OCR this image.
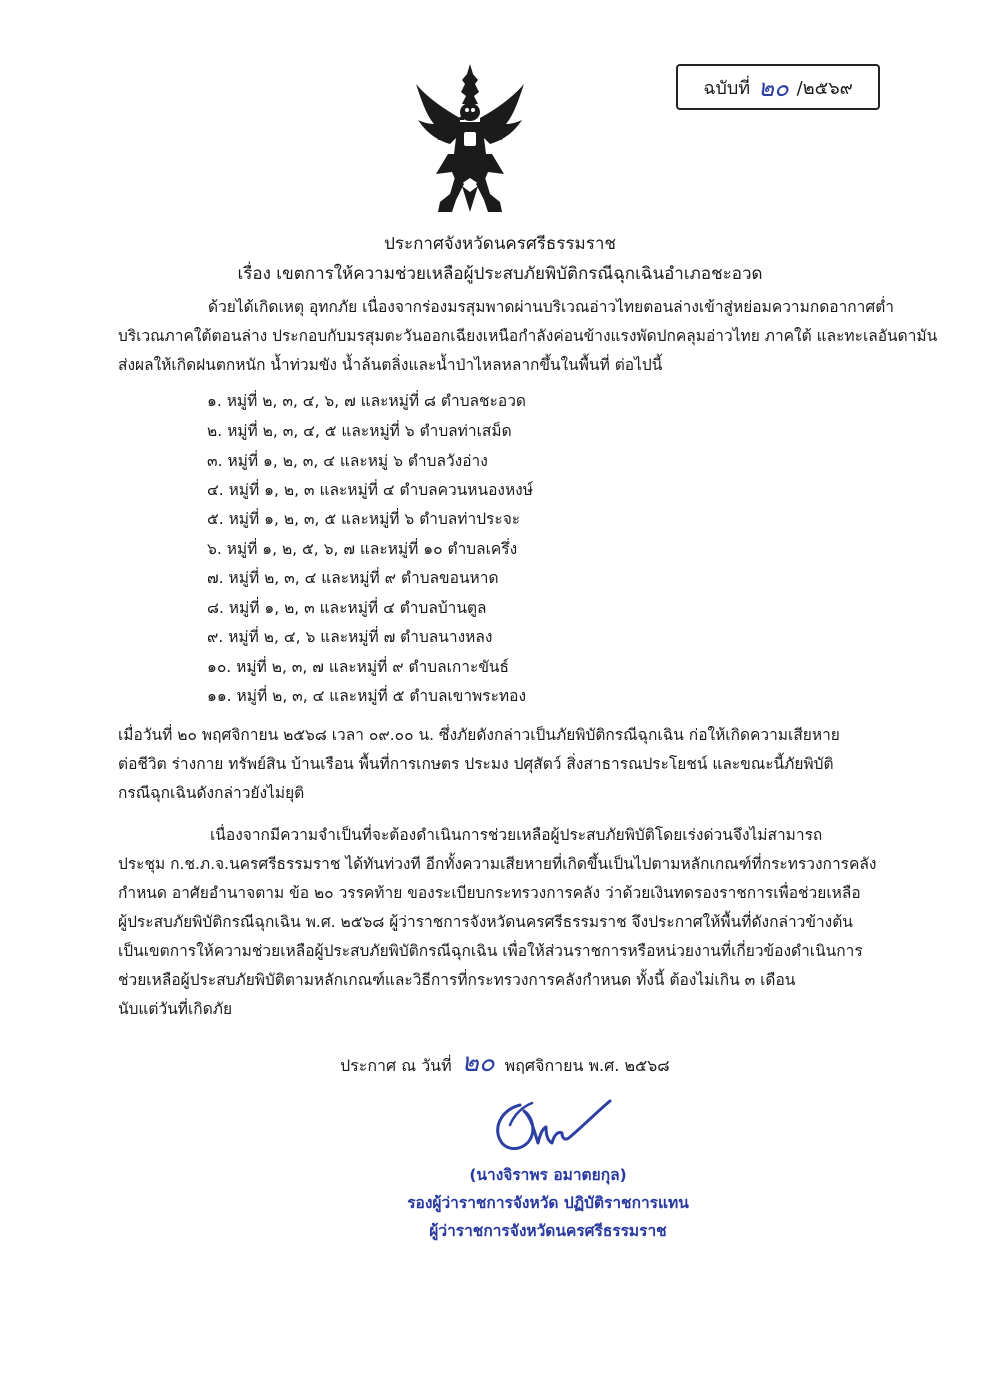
ฉบับที่ ๒๐ /๒๕๖๙
ประกาศจังหวัดนครศรีธรรมราช
เรื่อง เขตการให้ความช่วยเหลือผู้ประสบภัยพิบัติกรณีฉุกเฉินอำเภอชะอวด
ด้วยได้เกิดเหตุ อุทกภัย เนื่องจากร่องมรสุมพาดผ่านบริเวณอ่าวไทยตอนล่างเข้าสู่หย่อมความกดอากาศต่ำ
บริเวณภาคใต้ตอนล่าง ประกอบกับมรสุมตะวันออกเฉียงเหนือกำลังค่อนข้างแรงพัดปกคลุมอ่าวไทย ภาคใต้ และทะเลอันดามัน
ส่งผลให้เกิดฝนตกหนัก น้ำท่วมขัง น้ำล้นตลิ่งและน้ำป่าไหลหลากขึ้นในพื้นที่ ต่อไปนี้
๑. หมู่ที่ ๒, ๓, ๔, ๖, ๗ และหมู่ที่ ๘ ตำบลชะอวด
๒. หมู่ที่ ๒, ๓, ๔, ๕ และหมู่ที่ ๖ ตำบลท่าเสม็ด
๓. หมู่ที่ ๑, ๒, ๓, ๔ และหมู่ ๖ ตำบลวังอ่าง
๔. หมู่ที่ ๑, ๒, ๓ และหมู่ที่ ๔ ตำบลควนหนองหงษ์
๕. หมู่ที่ ๑, ๒, ๓, ๕ และหมู่ที่ ๖ ตำบลท่าประจะ
๖. หมู่ที่ ๑, ๒, ๕, ๖, ๗ และหมู่ที่ ๑๐ ตำบลเครึ่ง
๗. หมู่ที่ ๒, ๓, ๔ และหมู่ที่ ๙ ตำบลขอนหาด
๘. หมู่ที่ ๑, ๒, ๓ และหมู่ที่ ๔ ตำบลบ้านตูล
๙. หมู่ที่ ๒, ๔, ๖ และหมู่ที่ ๗ ตำบลนางหลง
๑๐. หมู่ที่ ๒, ๓, ๗ และหมู่ที่ ๙ ตำบลเกาะขันธ์
๑๑. หมู่ที่ ๒, ๓, ๔ และหมู่ที่ ๕ ตำบลเขาพระทอง
เมื่อวันที่ ๒๐ พฤศจิกายน ๒๕๖๘ เวลา ๐๙.๐๐ น. ซึ่งภัยดังกล่าวเป็นภัยพิบัติกรณีฉุกเฉิน ก่อให้เกิดความเสียหาย
ต่อชีวิต ร่างกาย ทรัพย์สิน บ้านเรือน พื้นที่การเกษตร ประมง ปศุสัตว์ สิ่งสาธารณประโยชน์ และขณะนี้ภัยพิบัติ
กรณีฉุกเฉินดังกล่าวยังไม่ยุติ
เนื่องจากมีความจำเป็นที่จะต้องดำเนินการช่วยเหลือผู้ประสบภัยพิบัติโดยเร่งด่วนจึงไม่สามารถ
ประชุม ก.ช.ภ.จ.นครศรีธรรมราช ได้ทันท่วงที อีกทั้งความเสียหายที่เกิดขึ้นเป็นไปตามหลักเกณฑ์ที่กระทรวงการคลัง
กำหนด อาศัยอำนาจตาม ข้อ ๒๐ วรรคท้าย ของระเบียบกระทรวงการคลัง ว่าด้วยเงินทดรองราชการเพื่อช่วยเหลือ
ผู้ประสบภัยพิบัติกรณีฉุกเฉิน พ.ศ. ๒๕๖๘ ผู้ว่าราชการจังหวัดนครศรีธรรมราช จึงประกาศให้พื้นที่ดังกล่าวข้างต้น
เป็นเขตการให้ความช่วยเหลือผู้ประสบภัยพิบัติกรณีฉุกเฉิน เพื่อให้ส่วนราชการหรือหน่วยงานที่เกี่ยวข้องดำเนินการ
ช่วยเหลือผู้ประสบภัยพิบัติตามหลักเกณฑ์และวิธีการที่กระทรวงการคลังกำหนด ทั้งนี้ ต้องไม่เกิน ๓ เดือน
นับแต่วันที่เกิดภัย
ประกาศ ณ วันที่ ๒๐ พฤศจิกายน พ.ศ. ๒๕๖๘
(นางจิราพร อมาตยกุล)
รองผู้ว่าราชการจังหวัด ปฏิบัติราชการแทน
ผู้ว่าราชการจังหวัดนครศรีธรรมราช
